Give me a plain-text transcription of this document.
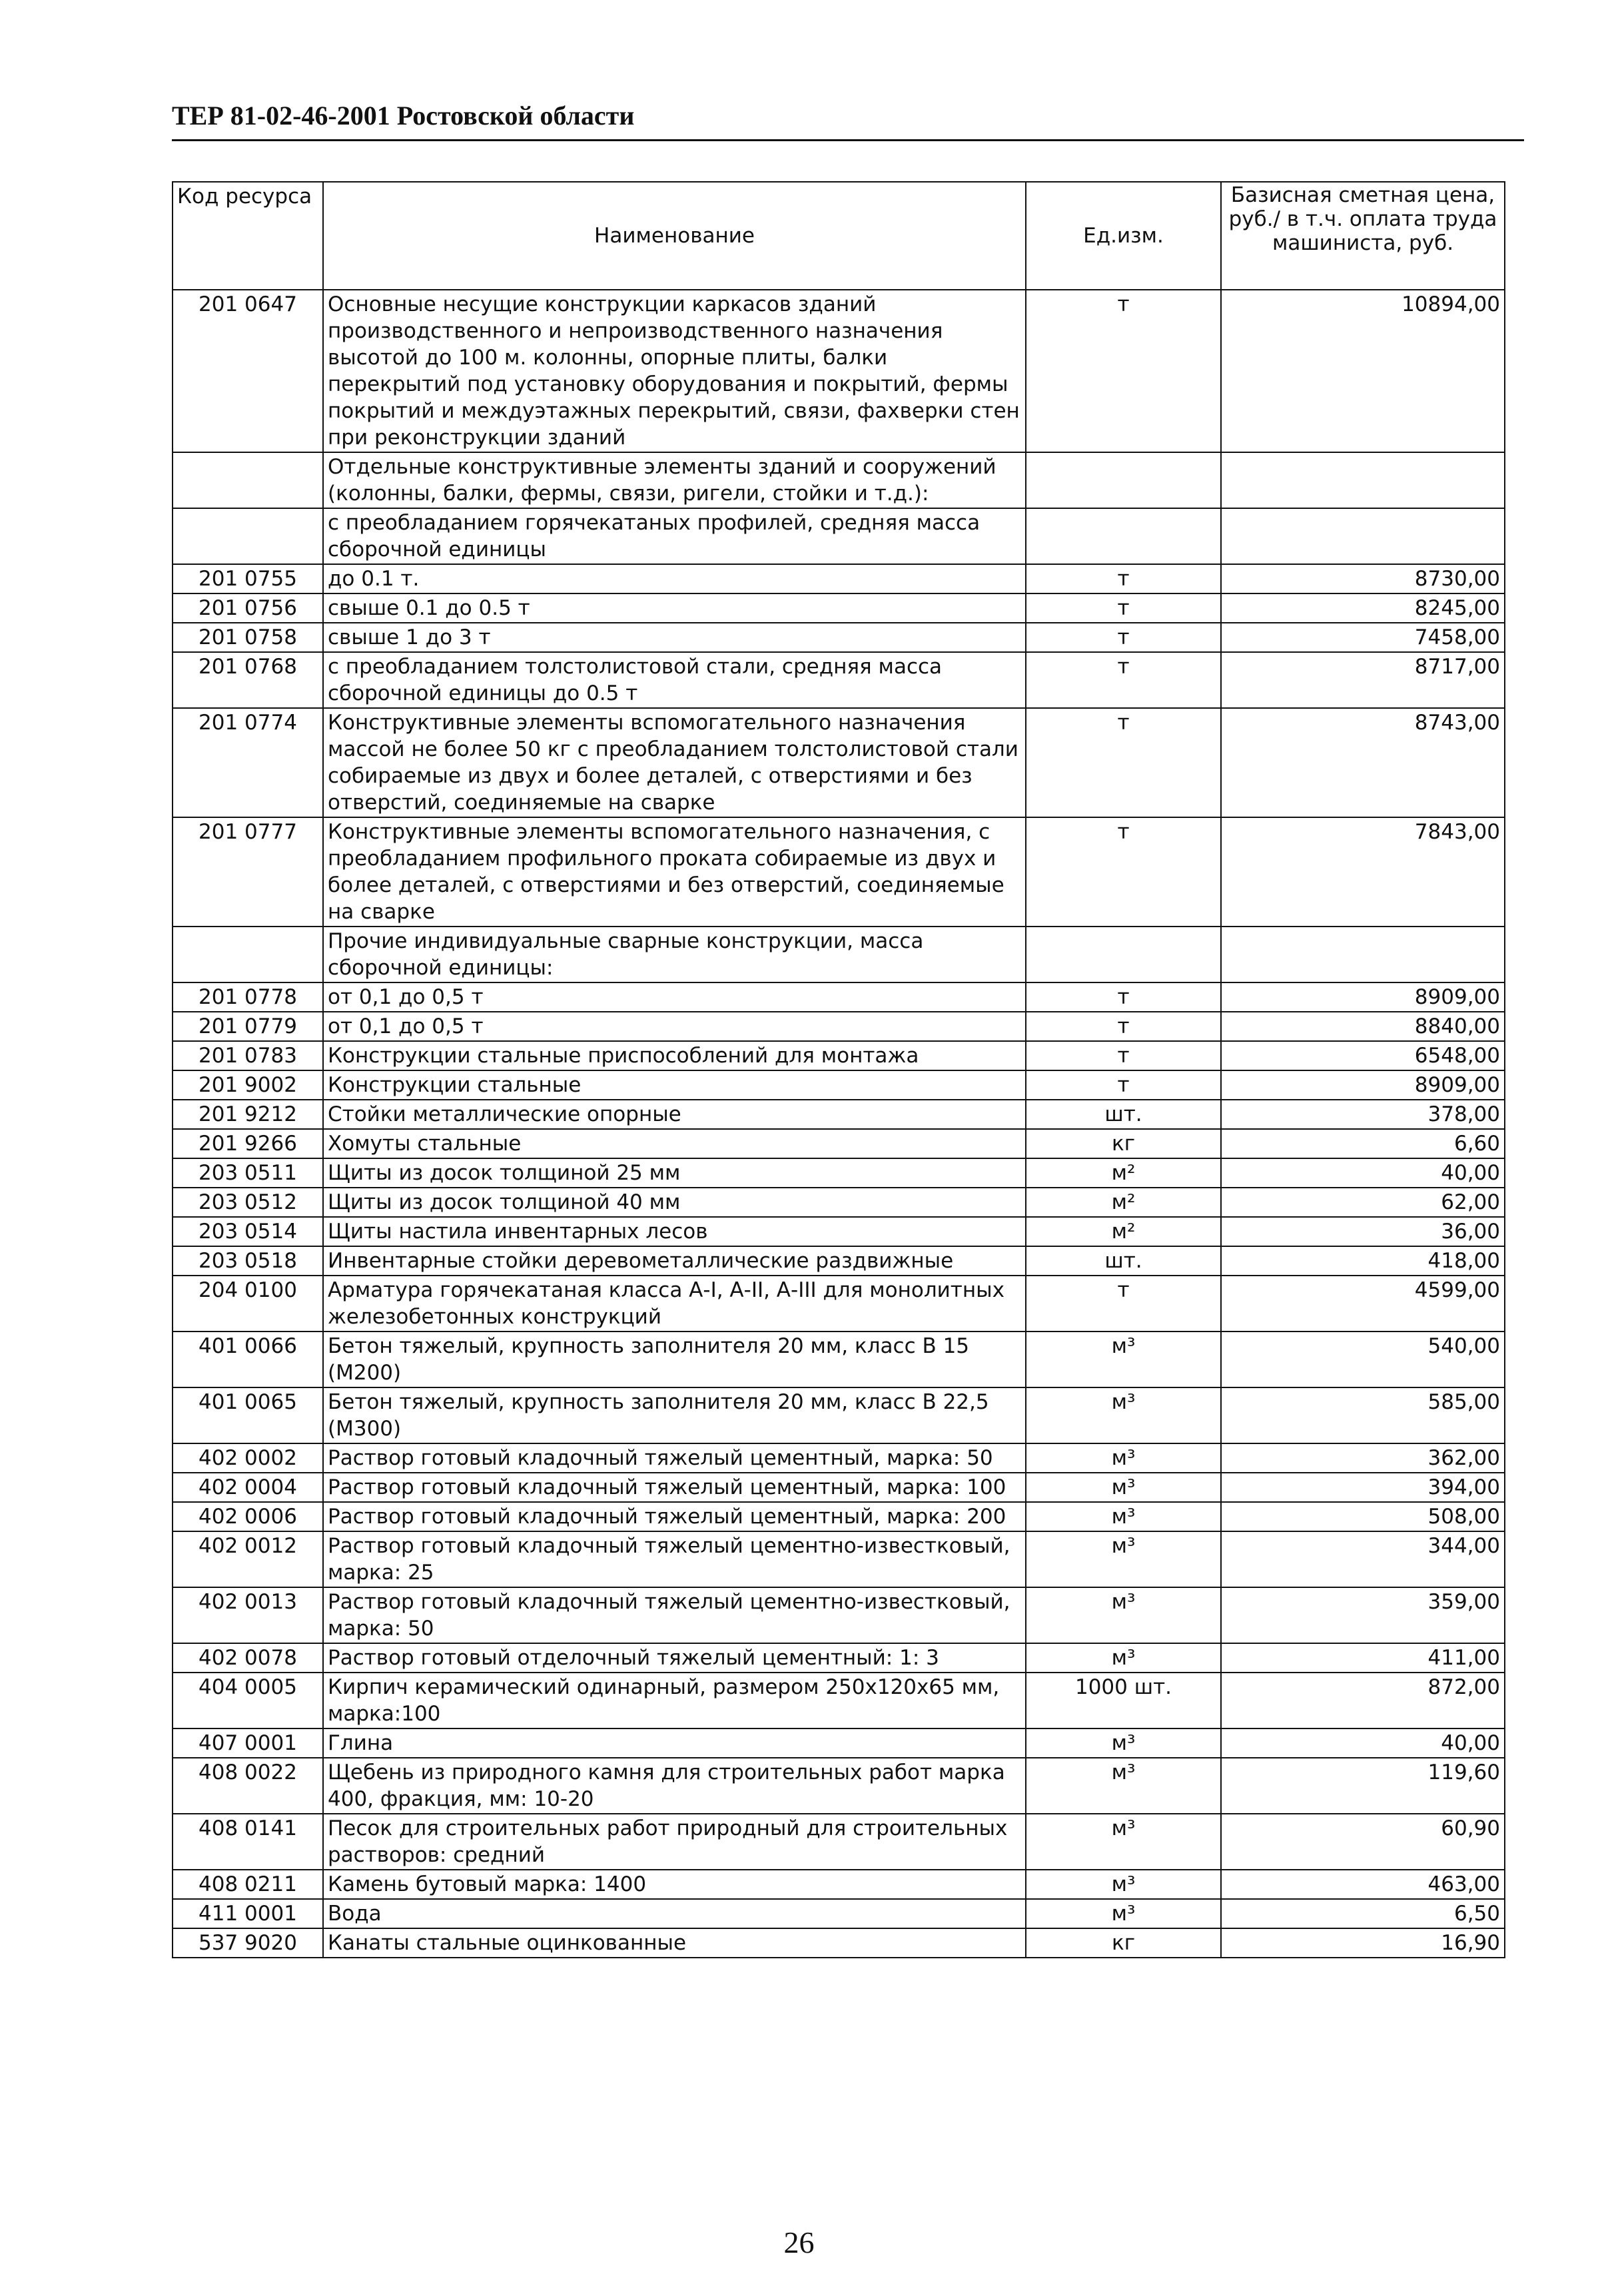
ТЕР 81-02-46-2001 Ростовской области
Код ресурса	Наименование	Ед.изм.	Базисная сметная цена, руб./ в т.ч. оплата труда машиниста, руб.
201 0647	Основные несущие конструкции каркасов зданий производственного и непроизводственного назначения высотой до 100 м. колонны, опорные плиты, балки перекрытий под установку оборудования и покрытий, фермы покрытий и междуэтажных перекрытий, связи, фахверки стен при реконструкции зданий	т	10894,00
	Отдельные конструктивные элементы зданий и сооружений (колонны, балки, фермы, связи, ригели, стойки и т.д.):		
	с преобладанием горячекатаных профилей, средняя масса сборочной единицы		
201 0755	до 0.1 т.	т	8730,00
201 0756	свыше 0.1 до 0.5 т	т	8245,00
201 0758	свыше 1 до 3 т	т	7458,00
201 0768	с преобладанием толстолистовой стали, средняя масса сборочной единицы до 0.5 т	т	8717,00
201 0774	Конструктивные элементы вспомогательного назначения массой не более 50 кг с преобладанием толстолистовой стали собираемые из двух и более деталей, с отверстиями и без отверстий, соединяемые на сварке	т	8743,00
201 0777	Конструктивные элементы вспомогательного назначения, с преобладанием профильного проката собираемые из двух и более деталей, с отверстиями и без отверстий, соединяемые на сварке	т	7843,00
	Прочие индивидуальные сварные конструкции, масса сборочной единицы:		
201 0778	от 0,1 до 0,5 т	т	8909,00
201 0779	от 0,1 до 0,5 т	т	8840,00
201 0783	Конструкции стальные приспособлений для монтажа	т	6548,00
201 9002	Конструкции стальные	т	8909,00
201 9212	Стойки металлические опорные	шт.	378,00
201 9266	Хомуты стальные	кг	6,60
203 0511	Щиты из досок толщиной 25 мм	м²	40,00
203 0512	Щиты из досок толщиной 40 мм	м²	62,00
203 0514	Щиты настила инвентарных лесов	м²	36,00
203 0518	Инвентарные стойки деревометаллические раздвижные	шт.	418,00
204 0100	Арматура горячекатаная класса А-I, А-II, А-III для монолитных железобетонных конструкций	т	4599,00
401 0066	Бетон тяжелый, крупность заполнителя 20 мм, класс В 15 (М200)	м³	540,00
401 0065	Бетон тяжелый, крупность заполнителя 20 мм, класс В 22,5 (М300)	м³	585,00
402 0002	Раствор готовый кладочный тяжелый цементный, марка: 50	м³	362,00
402 0004	Раствор готовый кладочный тяжелый цементный, марка: 100	м³	394,00
402 0006	Раствор готовый кладочный тяжелый цементный, марка: 200	м³	508,00
402 0012	Раствор готовый кладочный тяжелый цементно-известковый, марка: 25	м³	344,00
402 0013	Раствор готовый кладочный тяжелый цементно-известковый, марка: 50	м³	359,00
402 0078	Раствор готовый отделочный тяжелый цементный: 1: 3	м³	411,00
404 0005	Кирпич керамический одинарный, размером 250x120x65 мм, марка:100	1000 шт.	872,00
407 0001	Глина	м³	40,00
408 0022	Щебень из природного камня для строительных работ марка 400, фракция, мм: 10-20	м³	119,60
408 0141	Песок для строительных работ природный для строительных растворов: средний	м³	60,90
408 0211	Камень бутовый марка: 1400	м³	463,00
411 0001	Вода	м³	6,50
537 9020	Канаты стальные оцинкованные	кг	16,90
26
